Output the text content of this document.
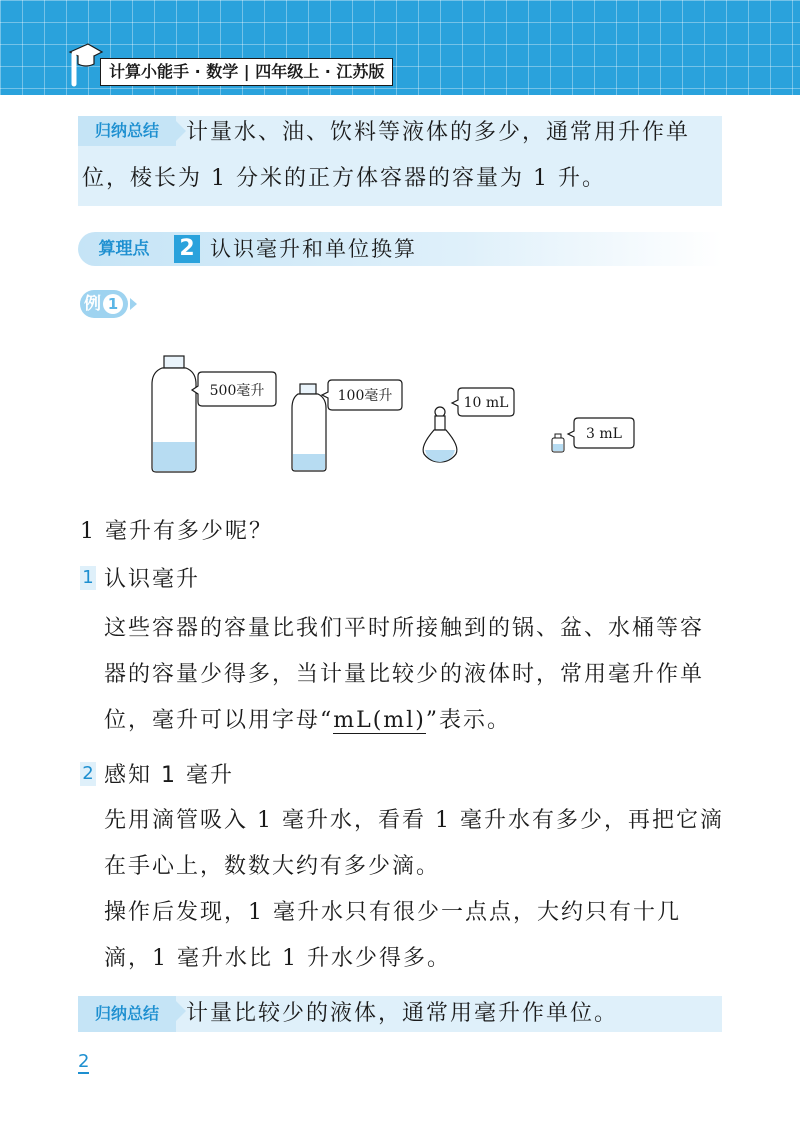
计算小能手 · 数学 | 四年级上 · 江苏版
归纳总结	计量水、油、饮料等液体的多少，通常用升作单

位，棱长为 1 分米的正方体容器的容量为 1 升。

算理点	2 认识毫升和单位换算
例 1
500毫升	100毫升	10 mL
3 mL

1 毫升有多少呢？

1 认识毫升

这些容器的容量比我们平时所接触到的锅、盆、水桶等容

器的容量少得多，当计量比较少的液体时，常用毫升作单

位，毫升可以用字母“mL(ml)”表示。

2 感知 1 毫升

先用滴管吸入 1 毫升水，看看 1 毫升水有多少，再把它滴

在手心上，数数大约有多少滴。

操作后发现，1 毫升水只有很少一点点，大约只有十几

滴，1 毫升水比 1 升水少得多。

归纳总结	计量比较少的液体，通常用毫升作单位。

2
